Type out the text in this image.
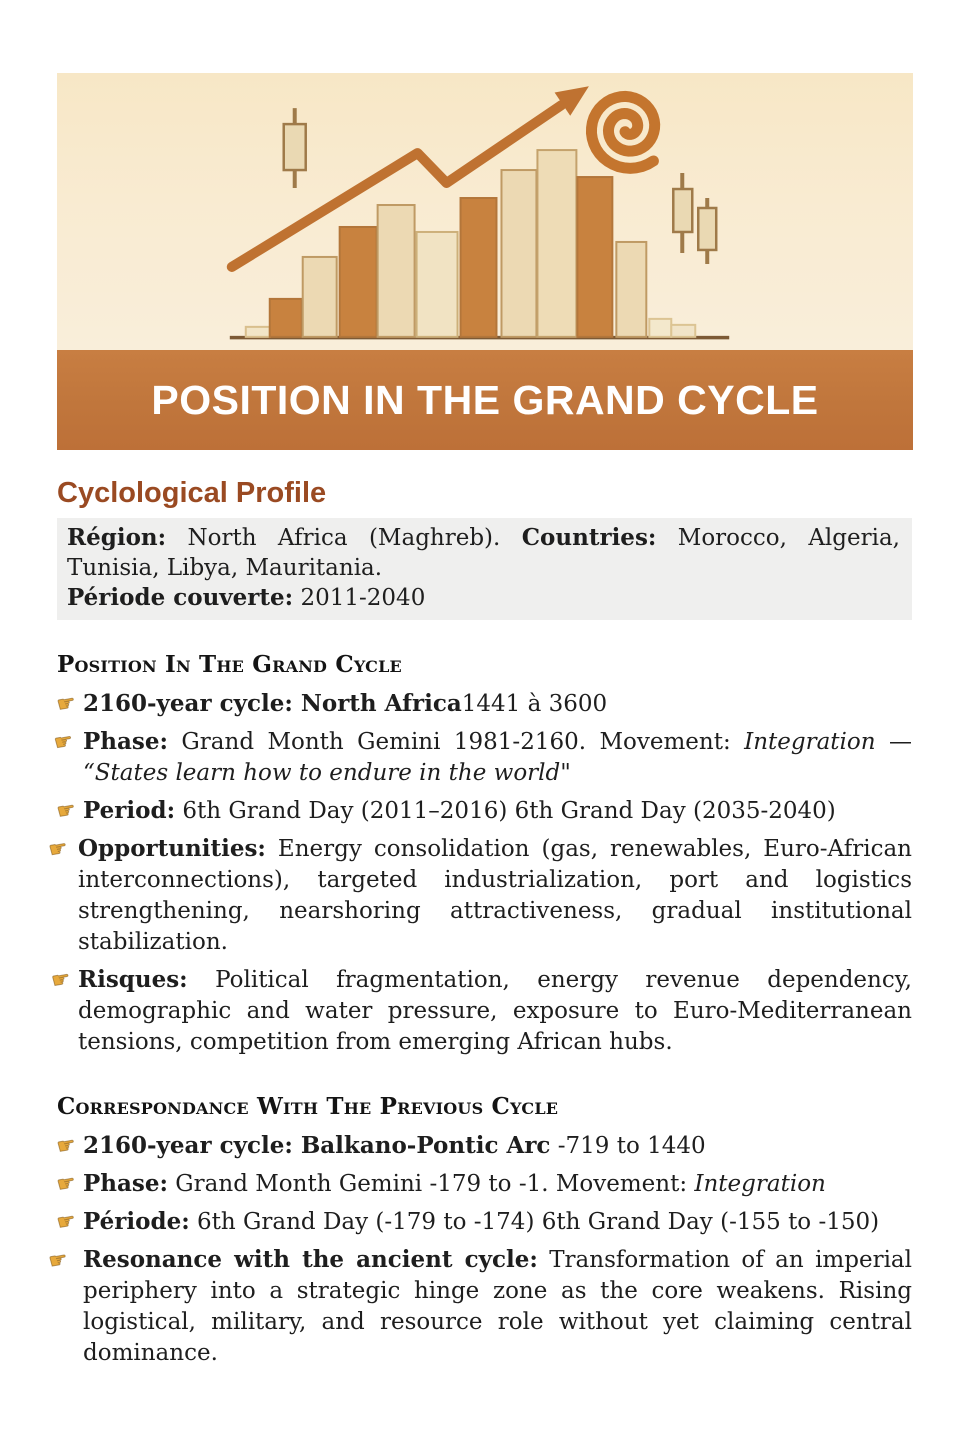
POSITION IN THE GRAND CYCLE
Cyclological Profile

Région: North Africa (Maghreb). Countries: Morocco, Algeria, Tunisia, Libya, Mauritania.

Période couverte: 2011-2040

Position In The Grand Cycle
☛ 2160-year cycle: North Africa1441 à 3600
☛ Phase: Grand Month Gemini 1981-2160. Movement: Integration — “States learn how to endure in the world"
☛ Period: 6th Grand Day (2011–2016) 6th Grand Day (2035-2040)
☛ Opportunities: Energy consolidation (gas, renewables, Euro-African interconnections), targeted industrialization, port and logistics strengthening, nearshoring attractiveness, gradual institutional stabilization.
☛ Risques: Political fragmentation, energy revenue dependency, demographic and water pressure, exposure to Euro-Mediterranean tensions, competition from emerging African hubs.
Correspondance With The Previous Cycle
☛ 2160-year cycle: Balkano-Pontic Arc -719 to 1440
☛ Phase: Grand Month Gemini -179 to -1. Movement: Integration
☛ Période: 6th Grand Day (-179 to -174) 6th Grand Day (-155 to -150)
☛ Resonance with the ancient cycle: Transformation of an imperial periphery into a strategic hinge zone as the core weakens. Rising logistical, military, and resource role without yet claiming central dominance.
